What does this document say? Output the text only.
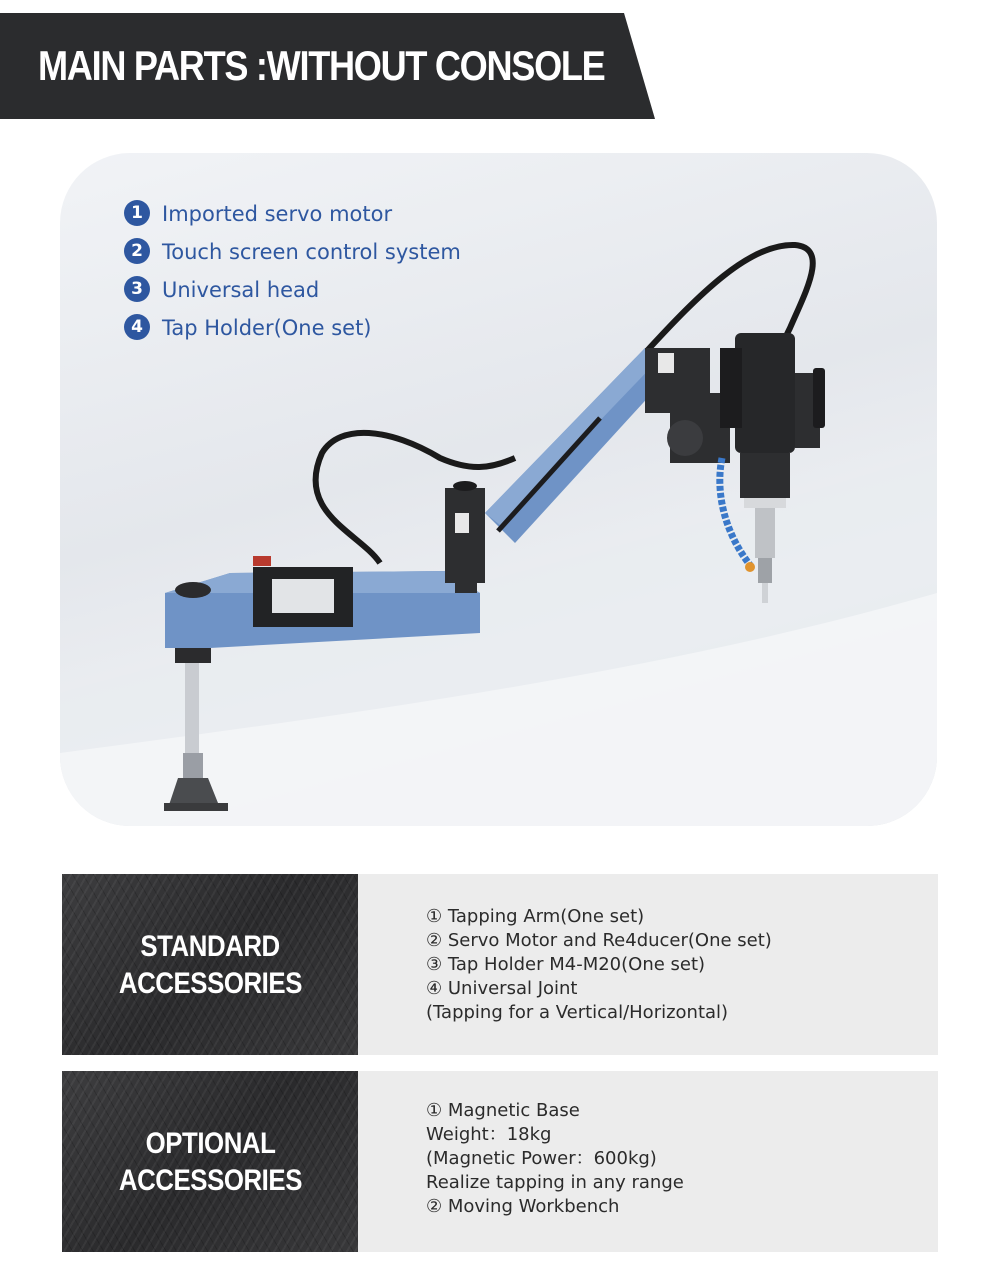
MAIN PARTS :WITHOUT CONSOLE
1 Imported servo motor
2 Touch screen control system
3 Universal head
4 Tap Holder(One set)
STANDARD
ACCESSORIES
① Tapping Arm(One set)
② Servo Motor and Re4ducer(One set)
③ Tap Holder M4-M20(One set)
④ Universal Joint
(Tapping for a Vertical/Horizontal)
OPTIONAL
ACCESSORIES
① Magnetic Base
Weight：18kg
(Magnetic Power：600kg)
Realize tapping in any range
② Moving Workbench
